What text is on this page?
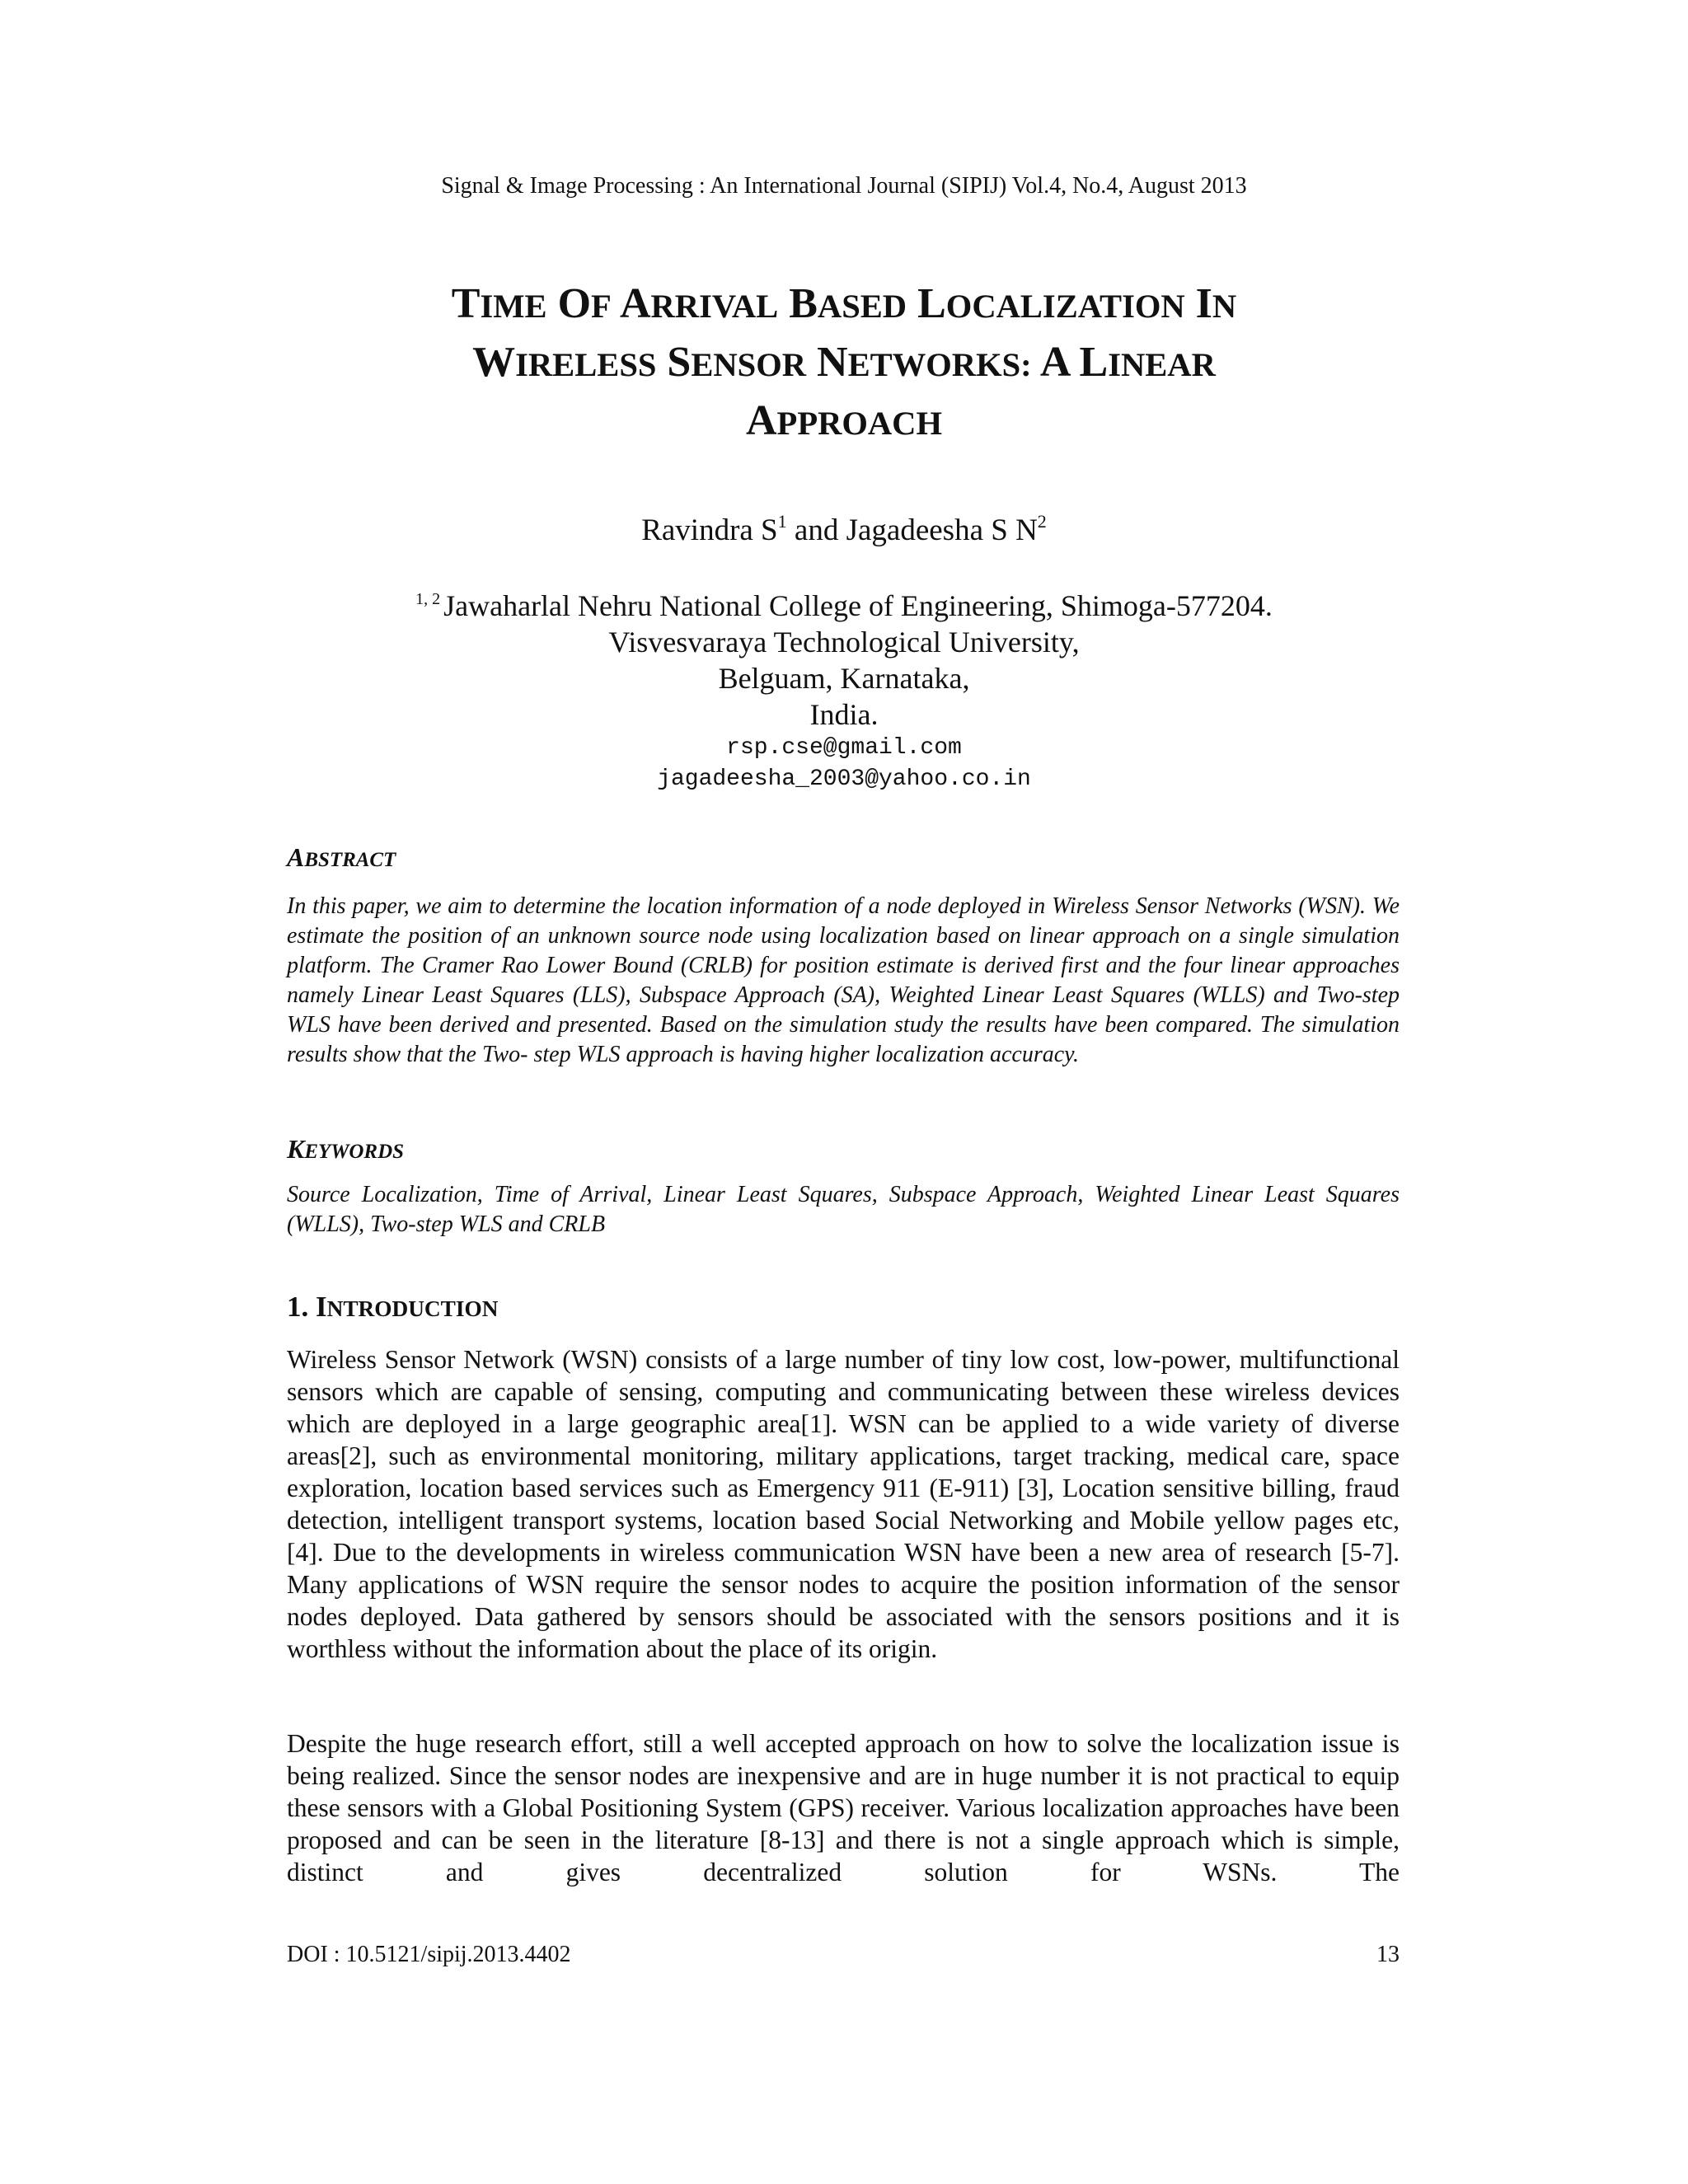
Signal & Image Processing : An International Journal (SIPIJ) Vol.4, No.4, August 2013
TIME OF ARRIVAL BASED LOCALIZATION IN
WIRELESS SENSOR NETWORKS: A LINEAR
APPROACH
Ravindra $S^1$ and Jagadeesha S $N^2$
$^{1, 2}$ Jawaharlal Nehru National College of Engineering, Shimoga-577204.
Visvesvaraya Technological University,
Belguam, Karnataka,
India.
rsp.cse@gmail.com
jagadeesha_2003@yahoo.co.in
ABSTRACT
In this paper, we aim to determine the location information of a node deployed in Wireless Sensor Networks (WSN). We estimate the position of an unknown source node using localization based on linear approach on a single simulation platform. The Cramer Rao Lower Bound (CRLB) for position estimate is derived first and the four linear approaches namely Linear Least Squares (LLS), Subspace Approach (SA), Weighted Linear Least Squares (WLLS) and Two-step WLS have been derived and presented. Based on the simulation study the results have been compared. The simulation results show that the Two- step WLS approach is having higher localization accuracy.
KEYWORDS
Source Localization, Time of Arrival, Linear Least Squares, Subspace Approach, Weighted Linear Least Squares (WLLS), Two-step WLS and CRLB
1. INTRODUCTION
Wireless Sensor Network (WSN) consists of a large number of tiny low cost, low-power, multifunctional sensors which are capable of sensing, computing and communicating between these wireless devices which are deployed in a large geographic area[1]. WSN can be applied to a wide variety of diverse areas[2], such as environmental monitoring, military applications, target tracking, medical care, space exploration, location based services such as Emergency 911 (E-911) [3], Location sensitive billing, fraud detection, intelligent transport systems, location based Social Networking and Mobile yellow pages etc, [4]. Due to the developments in wireless communication WSN have been a new area of research [5-7]. Many applications of WSN require the sensor nodes to acquire the position information of the sensor nodes deployed. Data gathered by sensors should be associated with the sensors positions and it is worthless without the information about the place of its origin.
Despite the huge research effort, still a well accepted approach on how to solve the localization issue is being realized. Since the sensor nodes are inexpensive and are in huge number it is not practical to equip these sensors with a Global Positioning System (GPS) receiver. Various localization approaches have been proposed and can be seen in the literature [8-13] and there is not a single approach which is simple, distinct and gives decentralized solution for WSNs. The
DOI : 10.5121/sipij.2013.4402	13
